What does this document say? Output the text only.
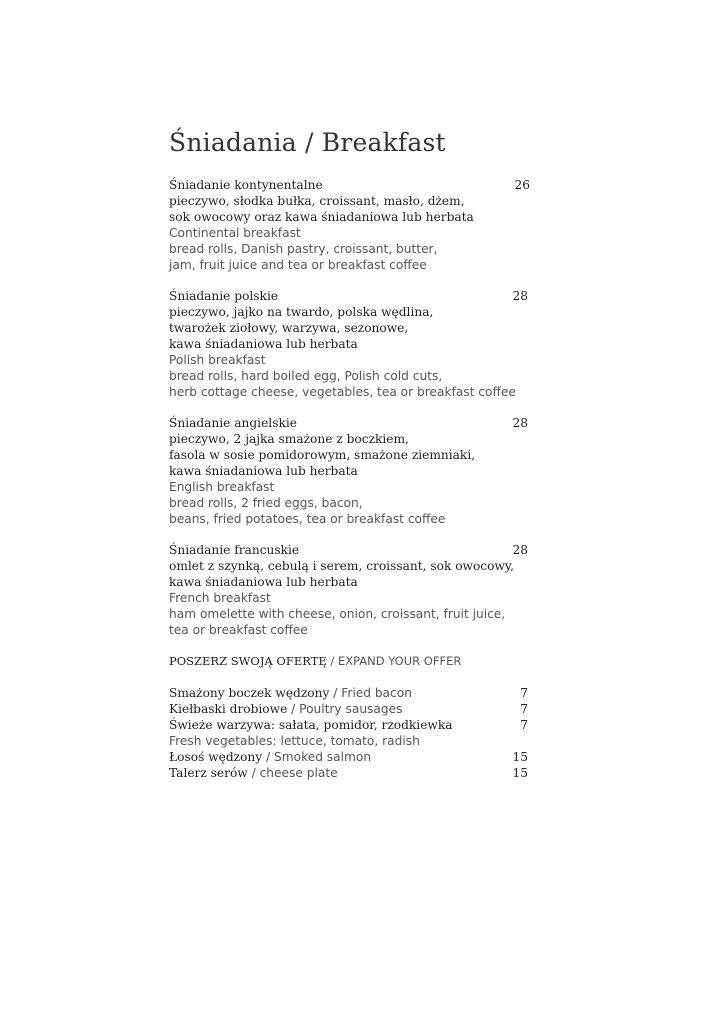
Śniadania / Breakfast
Śniadanie kontynentalne	26
pieczywo, słodka bułka, croissant, masło, dżem,
sok owocowy oraz kawa śniadaniowa lub herbata
Continental breakfast
bread rolls, Danish pastry, croissant, butter,
jam, fruit juice and tea or breakfast coffee
Śniadanie polskie	28
pieczywo, jajko na twardo, polska wędlina,
twarożek ziołowy, warzywa, sezonowe,
kawa śniadaniowa lub herbata
Polish breakfast
bread rolls, hard boiled egg, Polish cold cuts,
herb cottage cheese, vegetables, tea or breakfast coffee
Śniadanie angielskie	28
pieczywo, 2 jajka smażone z boczkiem,
fasola w sosie pomidorowym, smażone ziemniaki,
kawa śniadaniowa lub herbata
English breakfast
bread rolls, 2 fried eggs, bacon,
beans, fried potatoes, tea or breakfast coffee
Śniadanie francuskie	28
omlet z szynką, cebulą i serem, croissant, sok owocowy,
kawa śniadaniowa lub herbata
French breakfast
ham omelette with cheese, onion, croissant, fruit juice,
tea or breakfast coffee
POSZERZ SWOJĄ OFERTĘ / EXPAND YOUR OFFER
Smażony boczek wędzony / Fried bacon	7
Kiełbaski drobiowe / Poultry sausages	7
Świeże warzywa: sałata, pomidor, rzodkiewka	7
Fresh vegetables: lettuce, tomato, radish
Łosoś wędzony / Smoked salmon	15
Talerz serów / cheese plate	15
